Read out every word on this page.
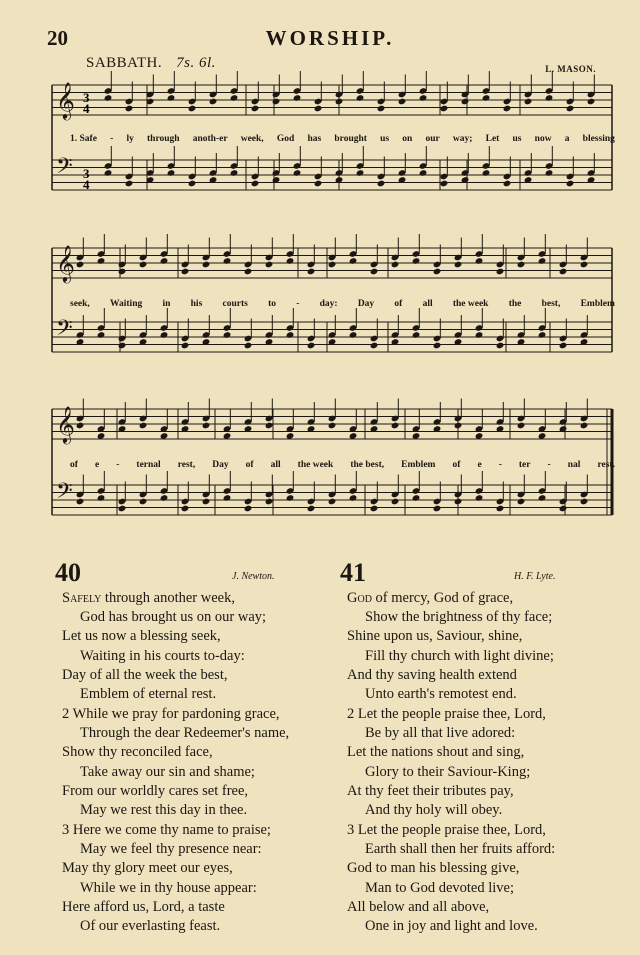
20	WORSHIP.
SABBATH. 7s. 6l.	L. MASON.
𝄞
𝄢
𝄞
𝄢
𝄞
𝄢
3
4
3
4
1. Safe - ly through anoth-er week, God has brought us on our way; Let us now a blessing
seek, Waiting in his courts to - day: Day of all the week the best, Emblem
of e - ternal rest, Day of all the week the best, Emblem of e - ter - nal rest.
40	J. Newton.	41	H. F. Lyte.
Safely through another week,
God has brought us on our way;
Let us now a blessing seek,
Waiting in his courts to-day:
Day of all the week the best,
Emblem of eternal rest.
2 While we pray for pardoning grace,
Through the dear Redeemer's name,
Show thy reconciled face,
Take away our sin and shame;
From our worldly cares set free,
May we rest this day in thee.
3 Here we come thy name to praise;
May we feel thy presence near:
May thy glory meet our eyes,
While we in thy house appear:
Here afford us, Lord, a taste
Of our everlasting feast.
God of mercy, God of grace,
Show the brightness of thy face;
Shine upon us, Saviour, shine,
Fill thy church with light divine;
And thy saving health extend
Unto earth's remotest end.
2 Let the people praise thee, Lord,
Be by all that live adored:
Let the nations shout and sing,
Glory to their Saviour-King;
At thy feet their tributes pay,
And thy holy will obey.
3 Let the people praise thee, Lord,
Earth shall then her fruits afford:
God to man his blessing give,
Man to God devoted live;
All below and all above,
One in joy and light and love.
